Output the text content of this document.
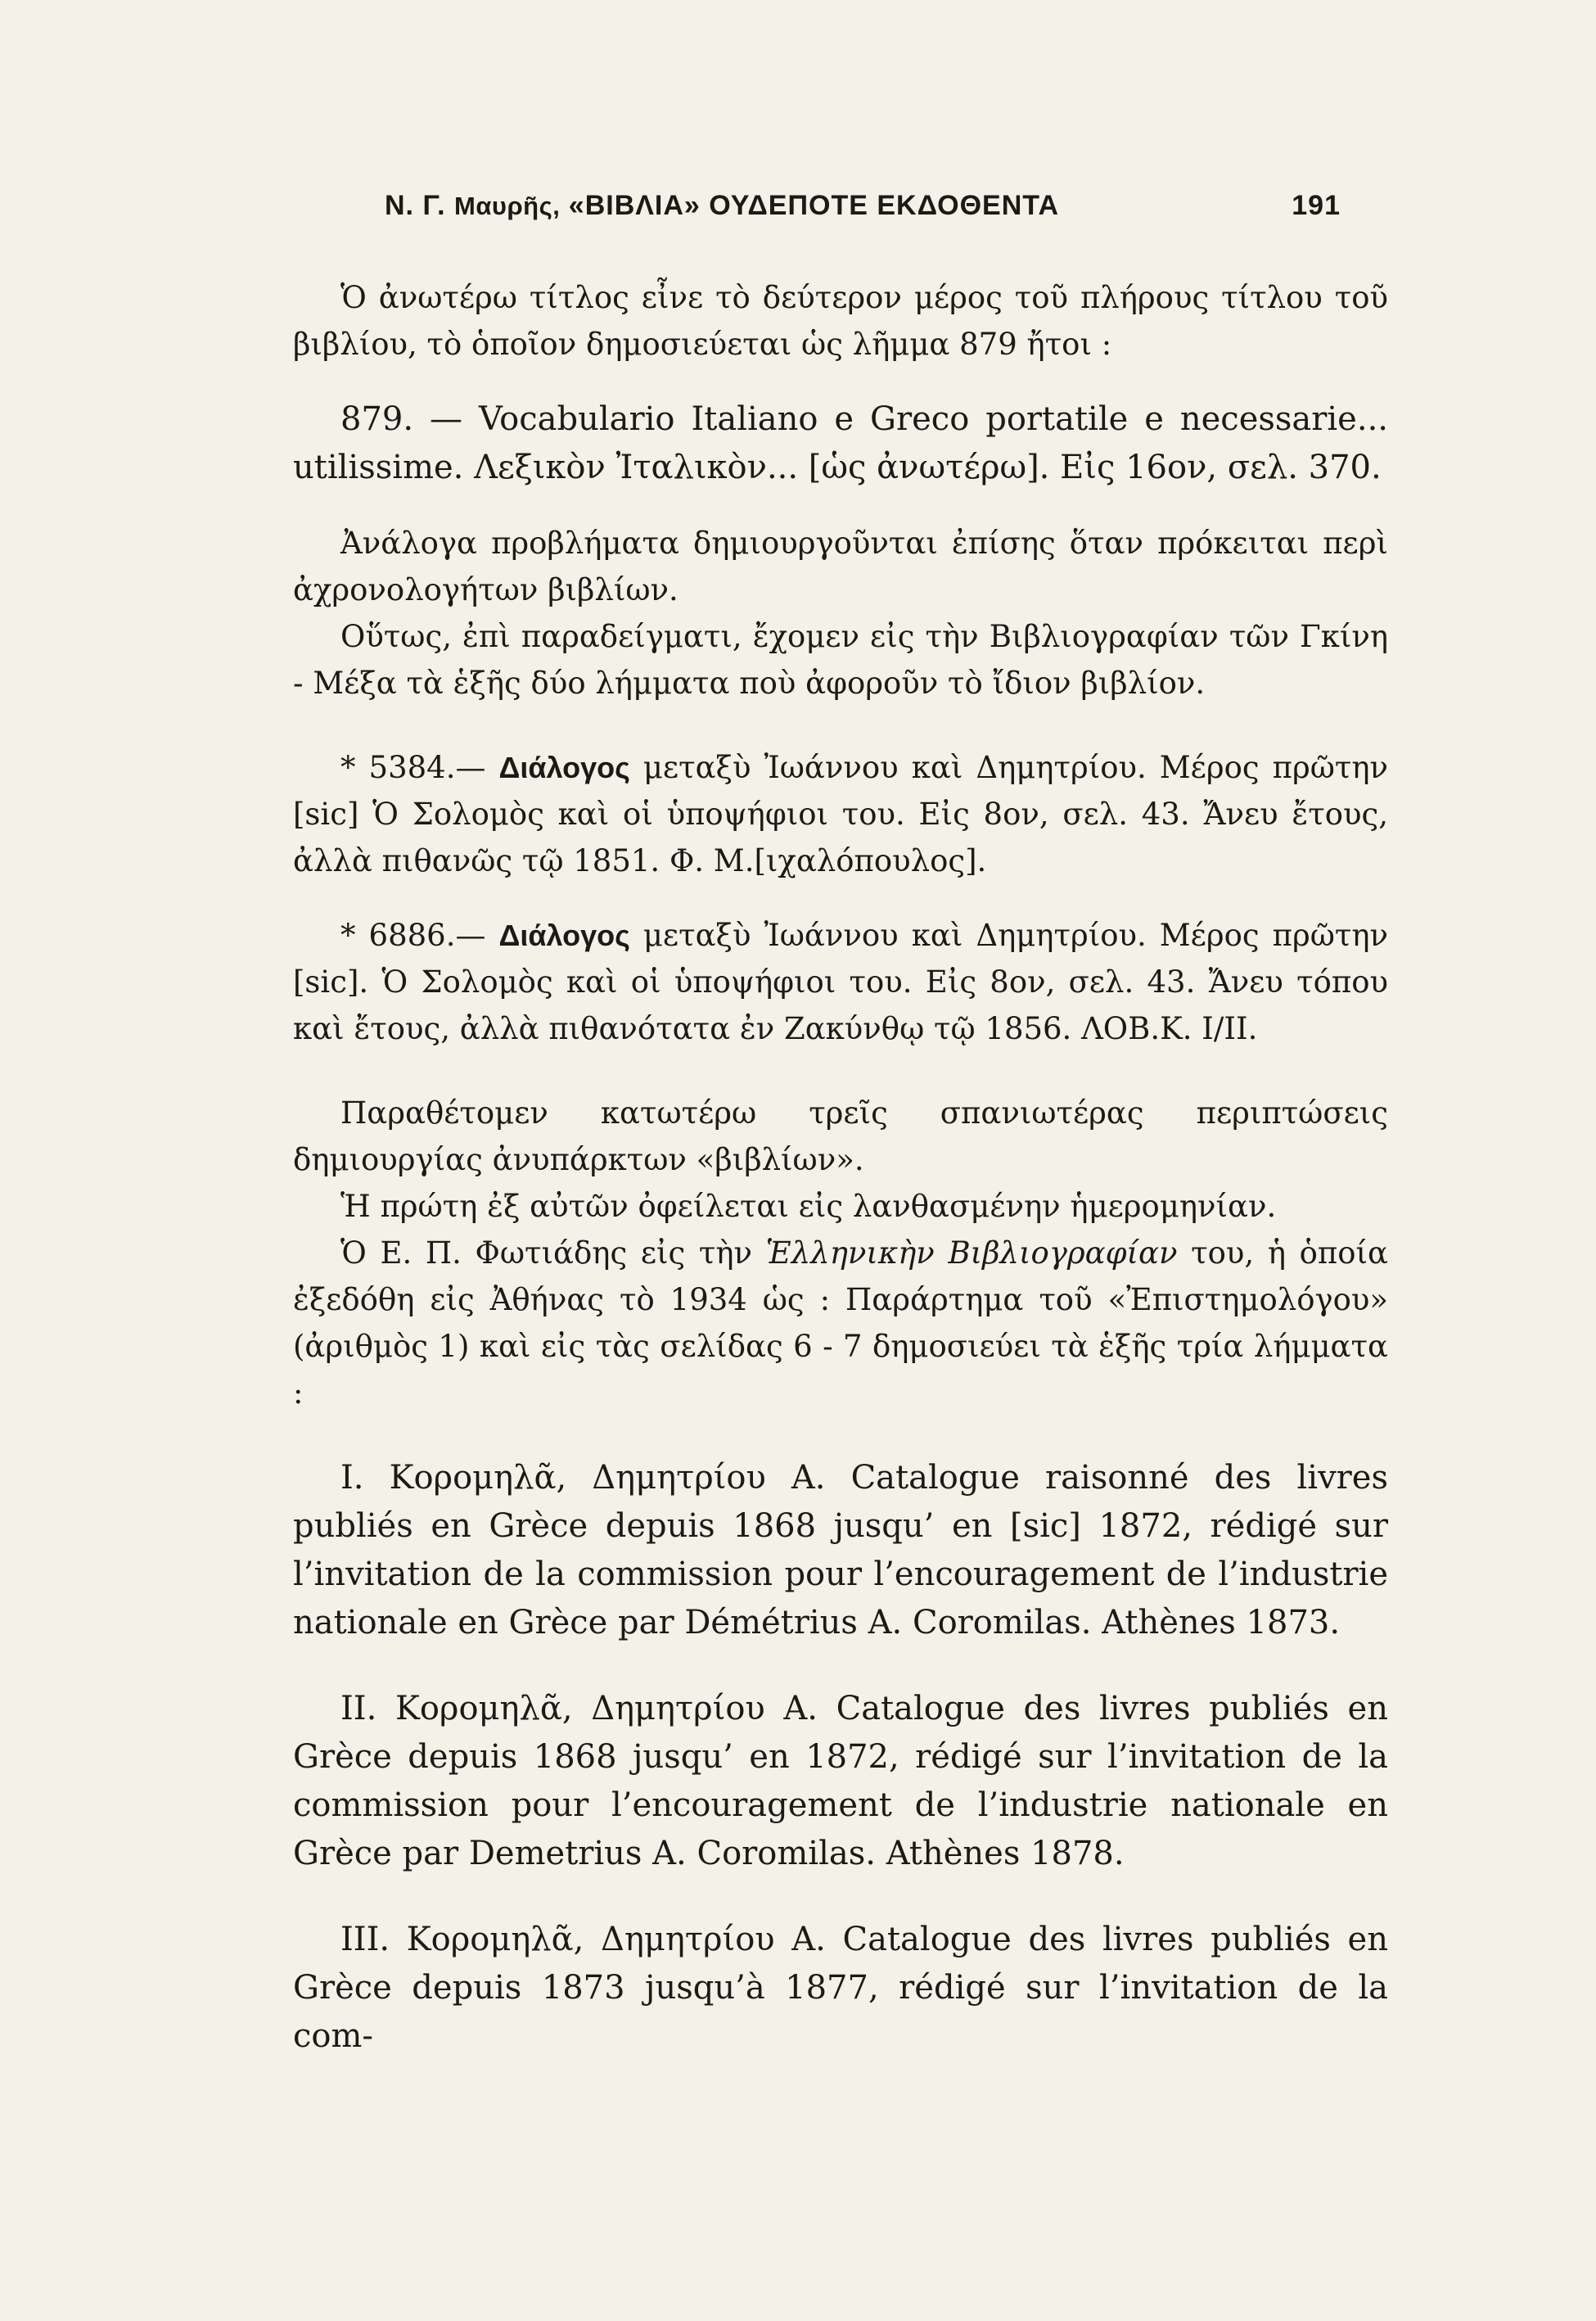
Ν. Γ. Μαυρῆς, «ΒΙΒΛΙΑ» ΟΥΔΕΠΟΤΕ ΕΚΔΟΘΕΝΤΑ	191

Ὁ ἀνωτέρω τίτλος εἶνε τὸ δεύτερον μέρος τοῦ πλήρους τίτλου τοῦ βιβλίου, τὸ ὁποῖον δημοσιεύεται ὡς λῆμμα 879 ἤτοι :

879. — Vocabulario Italiano e Greco portatile e necessarie... utilissime. Λεξικὸν Ἰταλικὸν... [ὡς ἀνωτέρω]. Εἰς 16ον, σελ. 370.

Ἀνάλογα προβλήματα δημιουργοῦνται ἐπίσης ὅταν πρόκειται περὶ ἀχρονολογήτων βιβλίων.

Οὕτως, ἐπὶ παραδείγματι, ἔχομεν εἰς τὴν Βιβλιογραφίαν τῶν Γκίνη - Μέξα τὰ ἑξῆς δύο λήμματα ποὺ ἀφοροῦν τὸ ἴδιον βιβλίον.

* 5384.— Διάλογος μεταξὺ Ἰωάννου καὶ Δημητρίου. Μέρος πρῶτην [sic] Ὁ Σολομὸς καὶ οἱ ὑποψήφιοι του. Εἰς 8ον, σελ. 43. Ἄνευ ἔτους, ἀλλὰ πιθανῶς τῷ 1851. Φ. Μ.[ιχαλόπουλος].

* 6886.— Διάλογος μεταξὺ Ἰωάννου καὶ Δημητρίου. Μέρος πρῶτην [sic]. Ὁ Σολομὸς καὶ οἱ ὑποψήφιοι του. Εἰς 8ον, σελ. 43. Ἄνευ τόπου καὶ ἔτους, ἀλλὰ πιθανότατα ἐν Ζακύνθῳ τῷ 1856. ΛΟΒ.Κ. Ι/ΙΙ.

Παραθέτομεν κατωτέρω τρεῖς σπανιωτέρας περιπτώσεις δημιουργίας ἀνυπάρκτων «βιβλίων».

Ἡ πρώτη ἐξ αὐτῶν ὀφείλεται εἰς λανθασμένην ἡμερομηνίαν.

Ὁ Ε. Π. Φωτιάδης εἰς τὴν Ἑλληνικὴν Βιβλιογραφίαν του, ἡ ὁποία ἐξεδόθη εἰς Ἀθήνας τὸ 1934 ὡς : Παράρτημα τοῦ «Ἐπιστημολόγου» (ἀριθμὸς 1) καὶ εἰς τὰς σελίδας 6 - 7 δημοσιεύει τὰ ἑξῆς τρία λήμματα :

I. Κορομηλᾶ, Δημητρίου Α. Catalogue raisonné des livres publiés en Grèce depuis 1868 jusqu’ en [sic] 1872, rédigé sur l’invitation de la commission pour l’encouragement de l’industrie nationale en Grèce par Démétrius A. Coromilas. Athènes 1873.

II. Κορομηλᾶ, Δημητρίου Α. Catalogue des livres publiés en Grèce depuis 1868 jusqu’ en 1872, rédigé sur l’invitation de la commission pour l’encouragement de l’industrie nationale en Grèce par Demetrius A. Coromilas. Athènes 1878.

III. Κορομηλᾶ, Δημητρίου Α. Catalogue des livres publiés en Grèce depuis 1873 jusqu’à 1877, rédigé sur l’invitation de la com-
